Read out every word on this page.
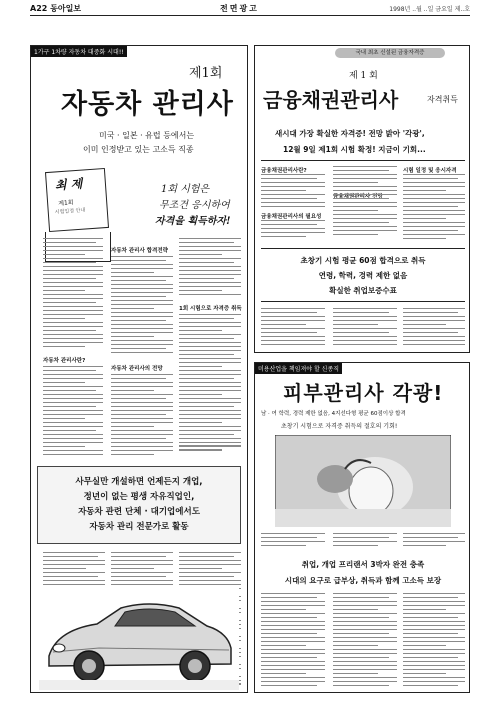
A22 동아일보	전면광고	1998년 ..월 ..일 금요일 제..호
1가구 1차량 자동차 대중화 시대!!
제1회
자동차 관리사
미국 · 일본 · 유럽 등에서는
이미 인정받고 있는 고소득 직종
최 제
제1회
시험일정 안내
1회 시험은
무조건 응시하여
자격을 획득하자!
자동차 관리사 합격전략
1회 시험으로 자격증 취득
자동차 관리사의 전망
자동차 관리사란?
사무실만 개설하면 언제든지 개업,
정년이 없는 평생 자유직업인,
자동차 관련 단체 · 대기업에서도
자동차 관리 전문가로 활동
국내 최초 신설된 금융자격증
제 1 회
금융채권관리사	자격취득
새시대 가장 확실한 자격증! 전망 밝아 '각광',
12월 9일 제1회 시험 확정! 지금이 기회...
금융채권관리사란?	시험 일정 및 응시자격
금융채권관리사의 필요성
초창기 시험 평균 60점 합격으로 취득
연령, 학력, 경력 제한 없음
확실한 취업보증수표
미용산업을 책임져야 할 신종직
피부관리사 각광!
남 · 여 학력, 경력 제한 없음, 4지선다형 평균 60점이상 합격
초창기 시험으로 자격증 취득의 절호의 기회!
취업, 개업 프리랜서 3박자 완전 충족
시대의 요구로 급부상, 취득과 함께 고소득 보장
